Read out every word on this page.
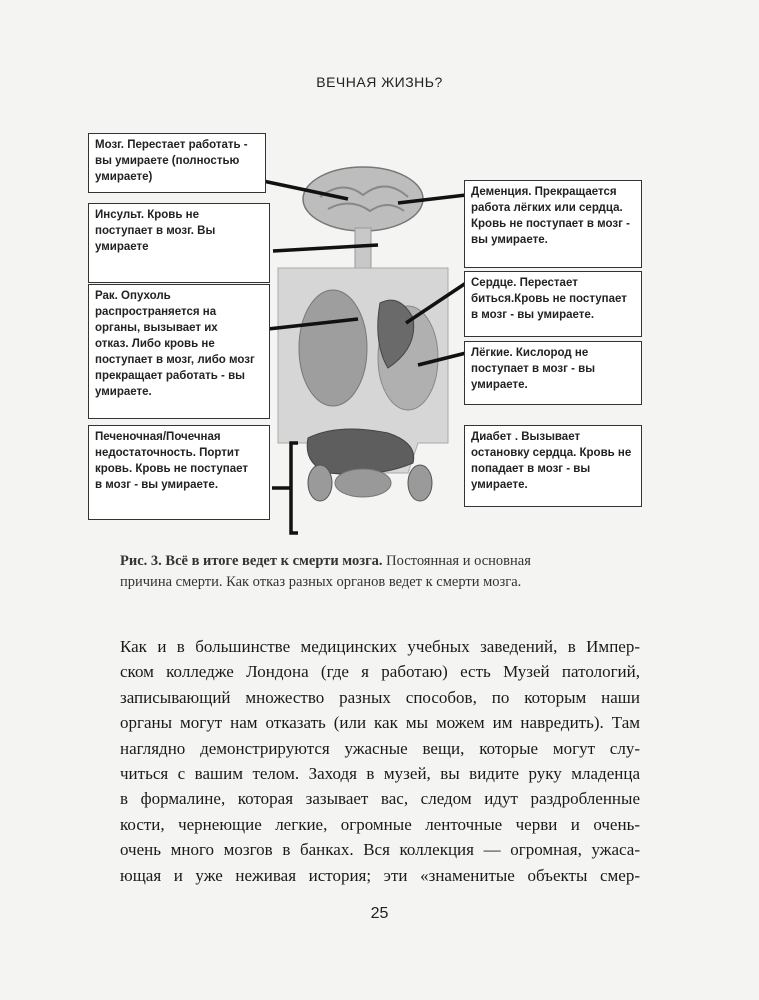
ВЕЧНАЯ ЖИЗНЬ?
Мозг. Перестает работать -
вы умираете (полностью
умираете)
Инсульт. Кровь не
поступает в мозг. Вы
умираете
Рак. Опухоль
распространяется на
органы, вызывает их
отказ. Либо кровь не
поступает в мозг, либо мозг
прекращает работать - вы
умираете.
Печеночная/Почечная
недостаточность. Портит
кровь. Кровь не поступает
в мозг - вы умираете.
Деменция. Прекращается
работа лёгких или сердца.
Кровь не поступает в мозг -
вы умираете.
Сердце. Перестает
биться.Кровь не поступает
в мозг - вы умираете.
Лёгкие. Кислород не
поступает в мозг - вы
умираете.
Диабет . Вызывает
остановку сердца. Кровь не
попадает в мозг - вы
умираете.
Рис. 3. Всё в итоге ведет к смерти мозга. Постоянная и основная
причина смерти. Как отказ разных органов ведет к смерти мозга.
Как и в большинстве медицинских учебных заведений, в Импер-
ском колледже Лондона (где я работаю) есть Музей патологий,
записывающий множество разных способов, по которым наши
органы могут нам отказать (или как мы можем им навредить). Там
наглядно демонстрируются ужасные вещи, которые могут слу-
читься с вашим телом. Заходя в музей, вы видите руку младенца
в формалине, которая зазывает вас, следом идут раздробленные
кости, чернеющие легкие, огромные ленточные черви и очень-
очень много мозгов в банках. Вся коллекция — огромная, ужаса-
ющая и уже неживая история; эти «знаменитые объекты смер-
25
